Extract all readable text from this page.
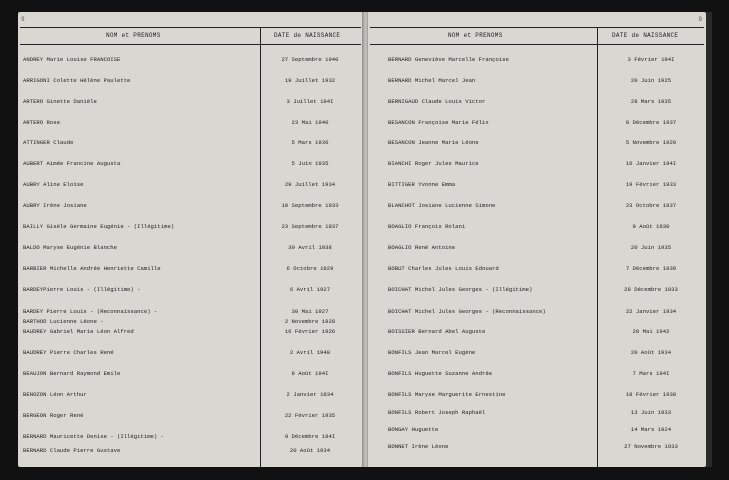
9
NOM et PRENOMS	DATE de NAISSANCE
ANDREY Marie Louise FRANCOISE	27 Septembre 1940
ARRIGONI Colette Hélène Paulette	19 Juillet 1932
ARTERO Ginette Danièle	3 Juillet 194I
ARTERO Rose	23 Mai 1940
ATTINGER Claude	5 Mars 1936
AUBERT Aimée Francine Augusta	5 Juin 1935
AUBRY Aline Eloïse	29 Juillet 1934
AUBRY Irène Josiane	10 Septembre 1933
BAILLY Gisèle Germaine Eugénie - (Illégitime)	23 Septembre 1937
BALDO Maryse Eugénie Blanche	30 Avril 1938
BARBIER Michelle Andrée Henriette Camille	6 Octobre 1929
BARDEYPierre Louis - (Illégitime) -	6 Avril 1927
BARDEY Pierre Louis - (Reconnaissance) -	30 Mai 1927
BARTHOD Lucienne Léone -	2 Novembre 1928
BAUDREY Gabriel Marie Léon Alfred	16 Février 1926
BAUDREY Pierre Charles René	2 Avril 1948
BEAUJON Bernard Raymond Emile	8 Août 194I
BENOZON Léon Arthur	2 Janvier 1934
BERGEON Roger René	22 Février 1935
BERNARD Mauricette Denise - (Illégitime) -	9 Décembre 194I
BERNARD Claude Pierre Gustave	20 Août 1934
9
NOM et PRENOMS	DATE de NAISSANCE
BERNARD Geneviève Marcelle Françoise	3 Février 194I
BERNARD Michel Marcel Jean	20 Juin 1925
BERNIGAUD Claude Louis Victor	28 Mars 1935
BESANCON Françoise Marie Félix	8 Décembre 1937
BESANCON Jeanne Marie Léone	5 Novembre 1929
BIANCHI Roger Jules Maurice	16 Janvier 194I
BITTIGER Yvonne Emma	19 Février 1933
BLANCHOT Josiane Lucienne Simone	23 Octobre 1937
BOAGLIO François Rolani	9 Août 1930
BOAGLIO René Antoine	20 Juin 1935
BOBUT Charles Jules Louis Edouard	7 Décembre 1939
BOICHAT Michel Jules Georges - (Illégitime)	28 Décembre 1933
BOICHAT Michel Jules Georges - (Reconnaissance)	22 Janvier 1934
BOISSIER Bernard Abel Auguste	20 Mai 1942
BONFILS Jean Marcel Eugène	20 Août 1934
BONFILS Huguette Suzanne Andrée	7 Mars 194I
BONFILS Maryse Marguerite Ernestine	18 Février 1938
BONFILS Robert Joseph Raphaël	13 Juin 1933
BONGAY Huguette	14 Mars 1924
BONNET Irène Léone	27 Novembre 1933
